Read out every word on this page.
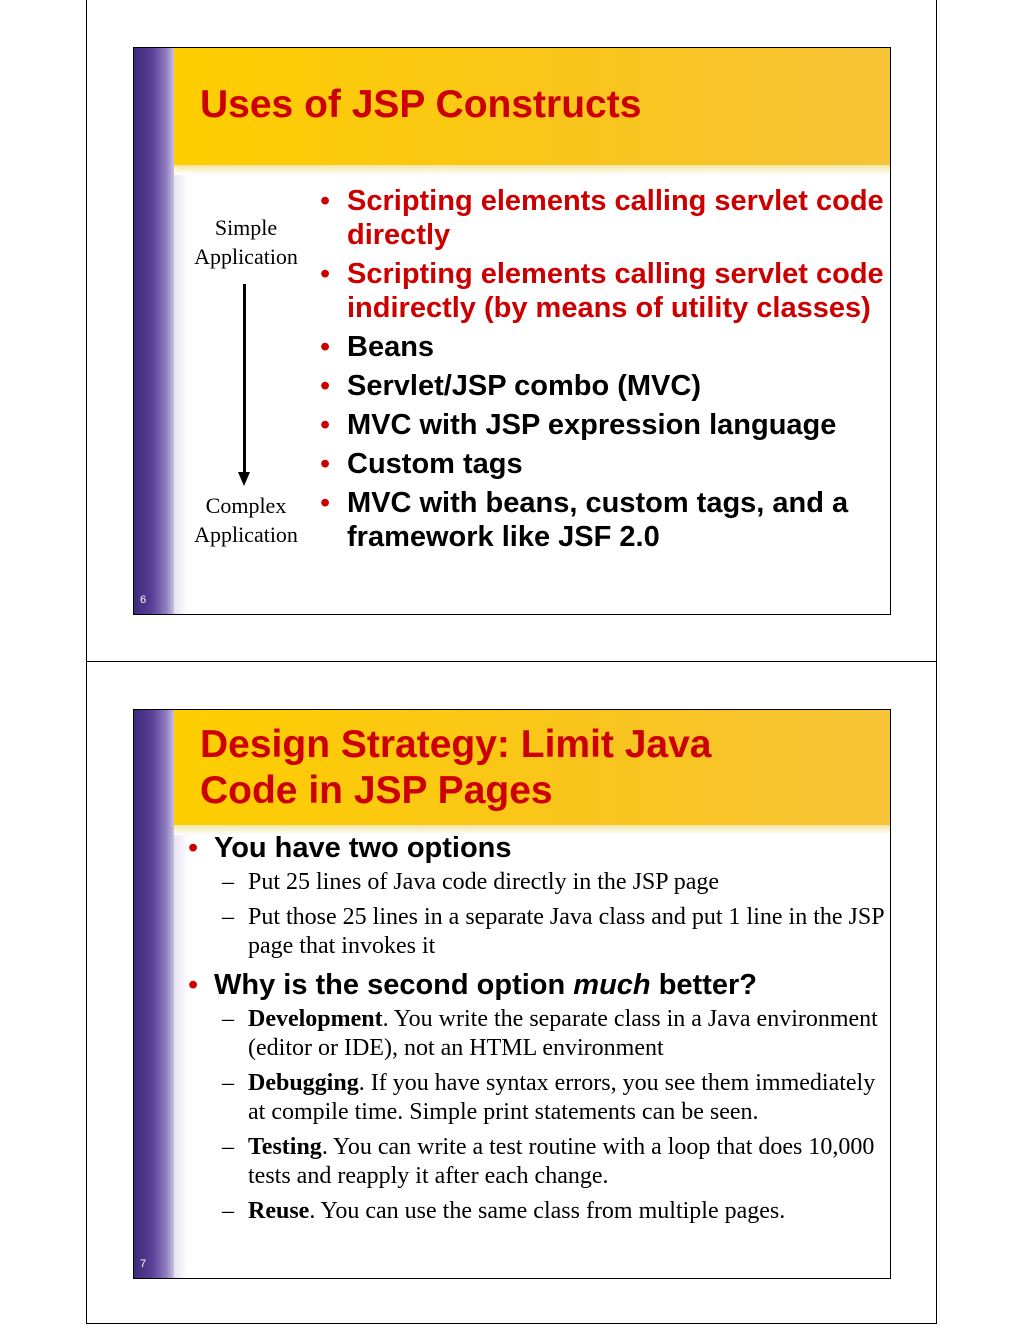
Uses of JSP Constructs
Simple
Application
Complex
Application
• Scripting elements calling servlet code directly
• Scripting elements calling servlet code indirectly (by means of utility classes)
• Beans
• Servlet/JSP combo (MVC)
• MVC with JSP expression language
• Custom tags
• MVC with beans, custom tags, and a framework like JSF 2.0
6
Design Strategy: Limit Java
Code in JSP Pages
• You have two options
– Put 25 lines of Java code directly in the JSP page
– Put those 25 lines in a separate Java class and put 1 line in the JSP page that invokes it
• Why is the second option much better?
– Development. You write the separate class in a Java environment (editor or IDE), not an HTML environment
– Debugging. If you have syntax errors, you see them immediately at compile time. Simple print statements can be seen.
– Testing. You can write a test routine with a loop that does 10,000 tests and reapply it after each change.
– Reuse. You can use the same class from multiple pages.
7
